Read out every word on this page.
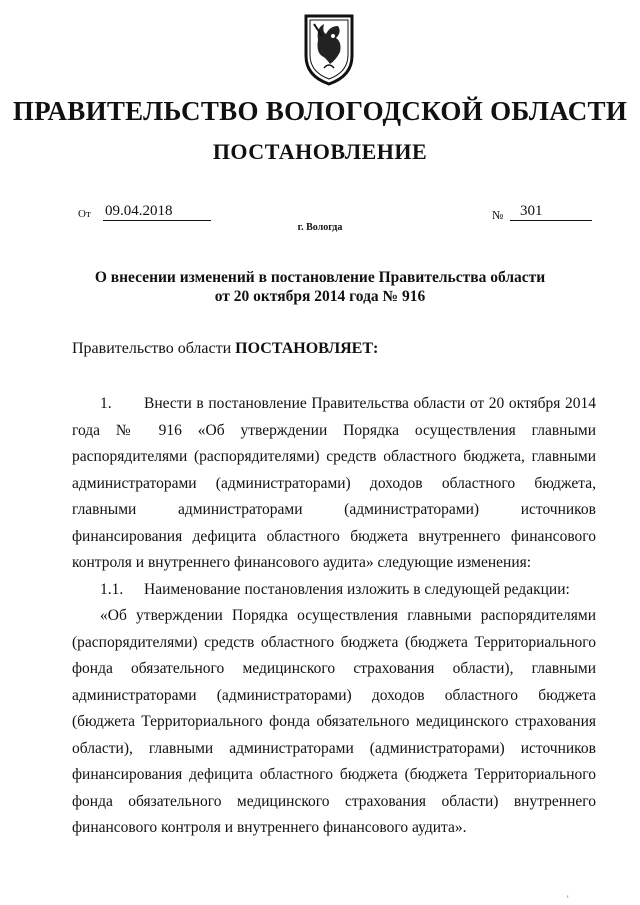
ПРАВИТЕЛЬСТВО ВОЛОГОДСКОЙ ОБЛАСТИ
ПОСТАНОВЛЕНИЕ
От 09.04.2018	№	301
г. Вологда
О внесении изменений в постановление Правительства области
от 20 октября 2014 года № 916
Правительство области ПОСТАНОВЛЯЕТ:

1. Внести в постановление Правительства области от 20 октября 2014 года № 916 «Об утверждении Порядка осуществления главными распорядителями (распорядителями) средств областного бюджета, главными администраторами (администраторами) доходов областного бюджета, главными администраторами (администраторами) источников финансирования дефицита областного бюджета внутреннего финансового контроля и внутреннего финансового аудита» следующие изменения:

1.1. Наименование постановления изложить в следующей редакции:

«Об утверждении Порядка осуществления главными распорядителями (распорядителями) средств областного бюджета (бюджета Территориального фонда обязательного медицинского страхования области), главными администраторами (администраторами) доходов областного бюджета (бюджета Территориального фонда обязательного медицинского страхования области), главными администраторами (администраторами) источников финансирования дефицита областного бюджета (бюджета Территориального фонда обязательного медицинского страхования области) внутреннего финансового контроля и внутреннего финансового аудита».

'
